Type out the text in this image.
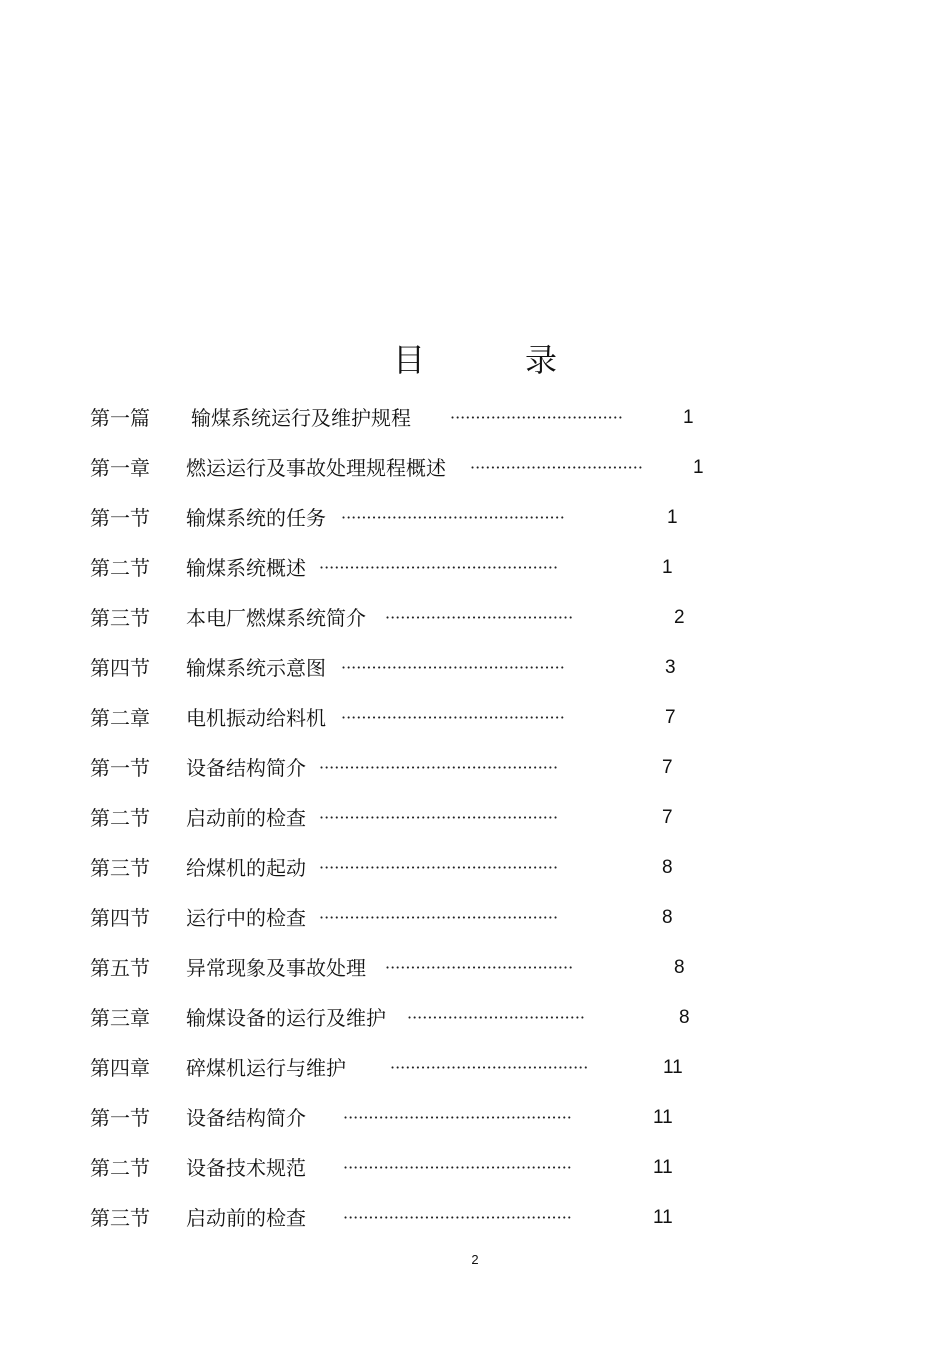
目　录
第一篇 输煤系统运行及维护规程 ··································	1
第一章 燃运运行及事故处理规程概述 ··································	1
第一节 输煤系统的任务 ············································	1
第二节 输煤系统概述 ···············································	1
第三节 本电厂燃煤系统简介 ·····································	2
第四节 输煤系统示意图 ············································	3
第二章 电机振动给料机 ············································	7
第一节 设备结构简介 ···············································	7
第二节 启动前的检查 ···············································	7
第三节 给煤机的起动 ···············································	8
第四节 运行中的检查 ···············································	8
第五节 异常现象及事故处理 ·····································	8
第三章 输煤设备的运行及维护 ···································	8
第四章 碎煤机运行与维护	·······································	11
第一节 设备结构简介 ·············································	11
第二节 设备技术规范 ·············································	11
第三节 启动前的检查 ·············································	11
2
